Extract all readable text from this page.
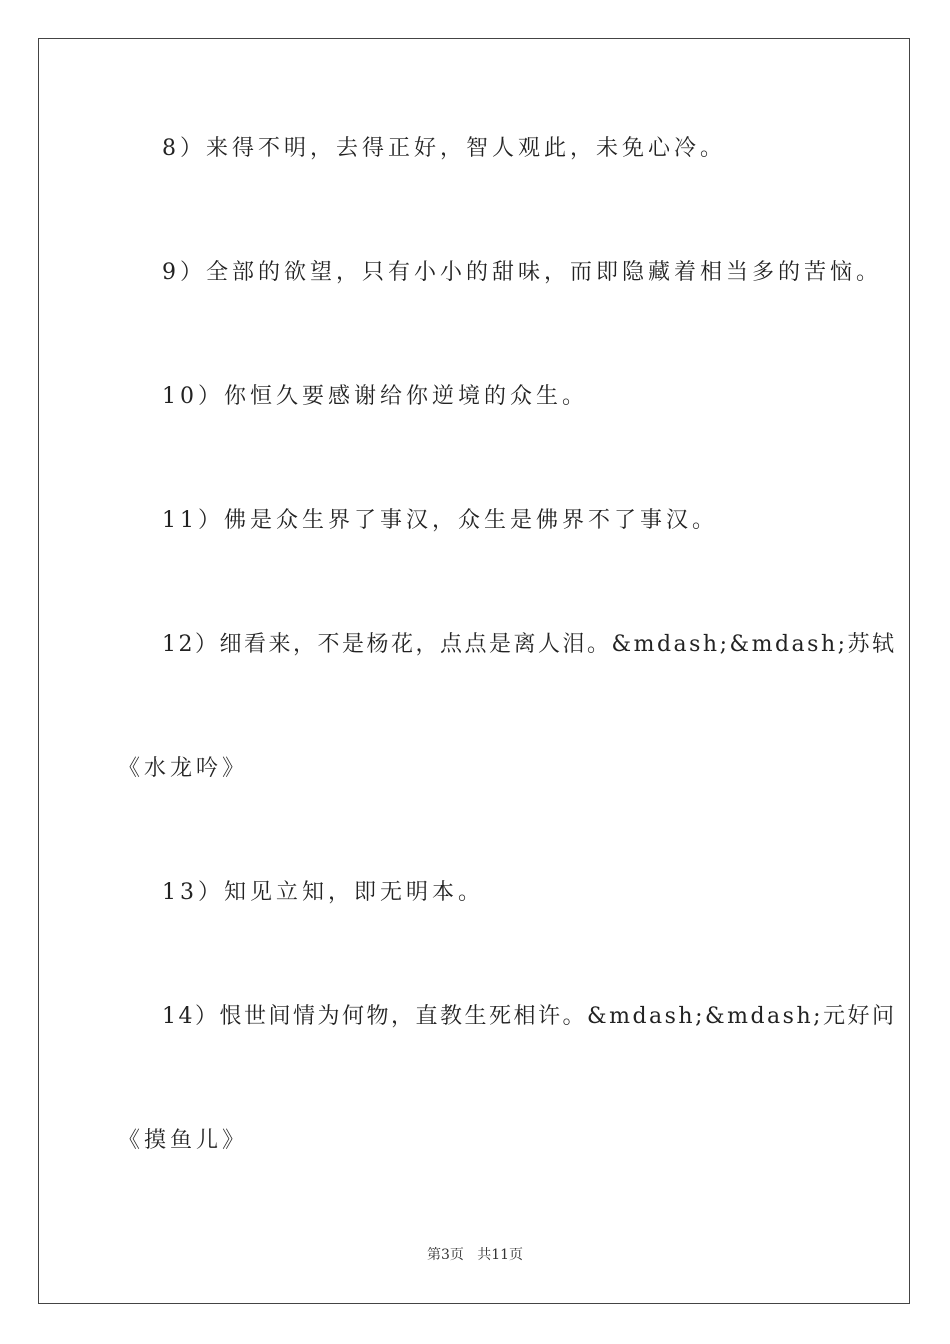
8）来得不明，去得正好，智人观此，未免心冷。
9）全部的欲望，只有小小的甜味，而即隐藏着相当多的苦恼。
10）你恒久要感谢给你逆境的众生。
11）佛是众生界了事汉，众生是佛界不了事汉。
12）细看来，不是杨花，点点是离人泪。&mdash;&mdash;苏轼
《水龙吟》
13）知见立知，即无明本。
14）恨世间情为何物，直教生死相许。&mdash;&mdash;元好问
《摸鱼儿》
第3页   共11页
